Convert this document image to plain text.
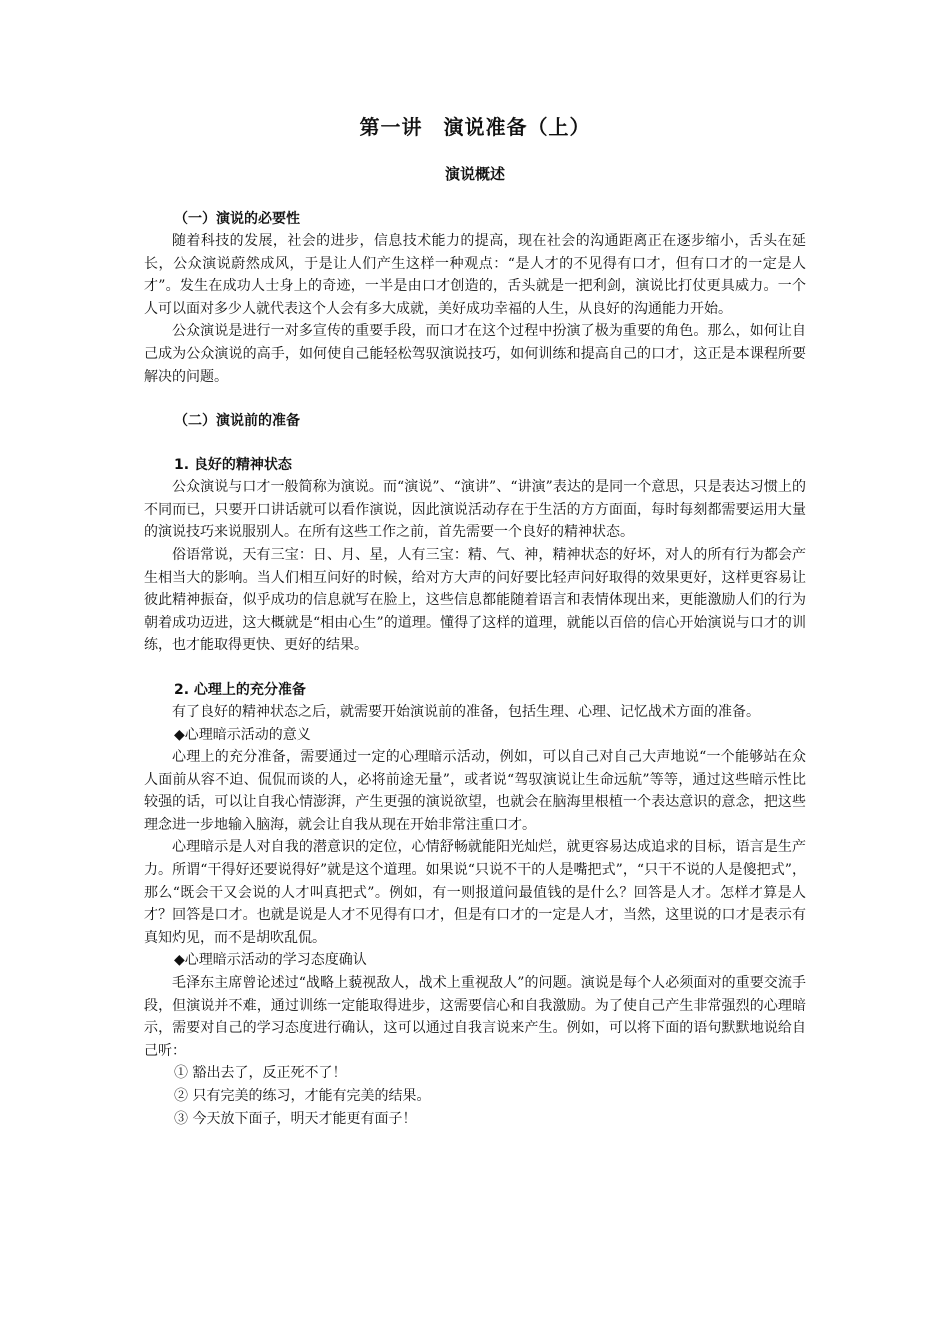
第一讲　演说准备（上）
演说概述
（一）演说的必要性

随着科技的发展，社会的进步，信息技术能力的提高，现在社会的沟通距离正在逐步缩小，舌头在延长，公众演说蔚然成风，于是让人们产生这样一种观点：“是人才的不见得有口才，但有口才的一定是人才”。发生在成功人士身上的奇迹，一半是由口才创造的，舌头就是一把利剑，演说比打仗更具威力。一个人可以面对多少人就代表这个人会有多大成就，美好成功幸福的人生，从良好的沟通能力开始。

公众演说是进行一对多宣传的重要手段，而口才在这个过程中扮演了极为重要的角色。那么，如何让自己成为公众演说的高手，如何使自己能轻松驾驭演说技巧，如何训练和提高自己的口才，这正是本课程所要解决的问题。

（二）演说前的准备
1. 良好的精神状态

公众演说与口才一般简称为演说。而“演说”、“演讲”、“讲演”表达的是同一个意思，只是表达习惯上的不同而已，只要开口讲话就可以看作演说，因此演说活动存在于生活的方方面面，每时每刻都需要运用大量的演说技巧来说服别人。在所有这些工作之前，首先需要一个良好的精神状态。

俗语常说，天有三宝：日、月、星，人有三宝：精、气、神，精神状态的好坏，对人的所有行为都会产生相当大的影响。当人们相互问好的时候，给对方大声的问好要比轻声问好取得的效果更好，这样更容易让彼此精神振奋，似乎成功的信息就写在脸上，这些信息都能随着语言和表情体现出来，更能激励人们的行为朝着成功迈进，这大概就是“相由心生”的道理。懂得了这样的道理，就能以百倍的信心开始演说与口才的训练，也才能取得更快、更好的结果。

2. 心理上的充分准备

有了良好的精神状态之后，就需要开始演说前的准备，包括生理、心理、记忆战术方面的准备。

◆心理暗示活动的意义

心理上的充分准备，需要通过一定的心理暗示活动，例如，可以自己对自己大声地说“一个能够站在众人面前从容不迫、侃侃而谈的人，必将前途无量”，或者说“驾驭演说让生命远航”等等，通过这些暗示性比较强的话，可以让自我心情澎湃，产生更强的演说欲望，也就会在脑海里根植一个表达意识的意念，把这些理念进一步地输入脑海，就会让自我从现在开始非常注重口才。

心理暗示是人对自我的潜意识的定位，心情舒畅就能阳光灿烂，就更容易达成追求的目标，语言是生产力。所谓“干得好还要说得好”就是这个道理。如果说“只说不干的人是嘴把式”，“只干不说的人是傻把式”，那么“既会干又会说的人才叫真把式”。例如，有一则报道问最值钱的是什么？回答是人才。怎样才算是人才？回答是口才。也就是说是人才不见得有口才，但是有口才的一定是人才，当然，这里说的口才是表示有真知灼见，而不是胡吹乱侃。

◆心理暗示活动的学习态度确认

毛泽东主席曾论述过“战略上藐视敌人，战术上重视敌人”的问题。演说是每个人必须面对的重要交流手段，但演说并不难，通过训练一定能取得进步，这需要信心和自我激励。为了使自己产生非常强烈的心理暗示，需要对自己的学习态度进行确认，这可以通过自我言说来产生。例如，可以将下面的语句默默地说给自己听：

① 豁出去了，反正死不了！
② 只有完美的练习，才能有完美的结果。
③ 今天放下面子，明天才能更有面子！
